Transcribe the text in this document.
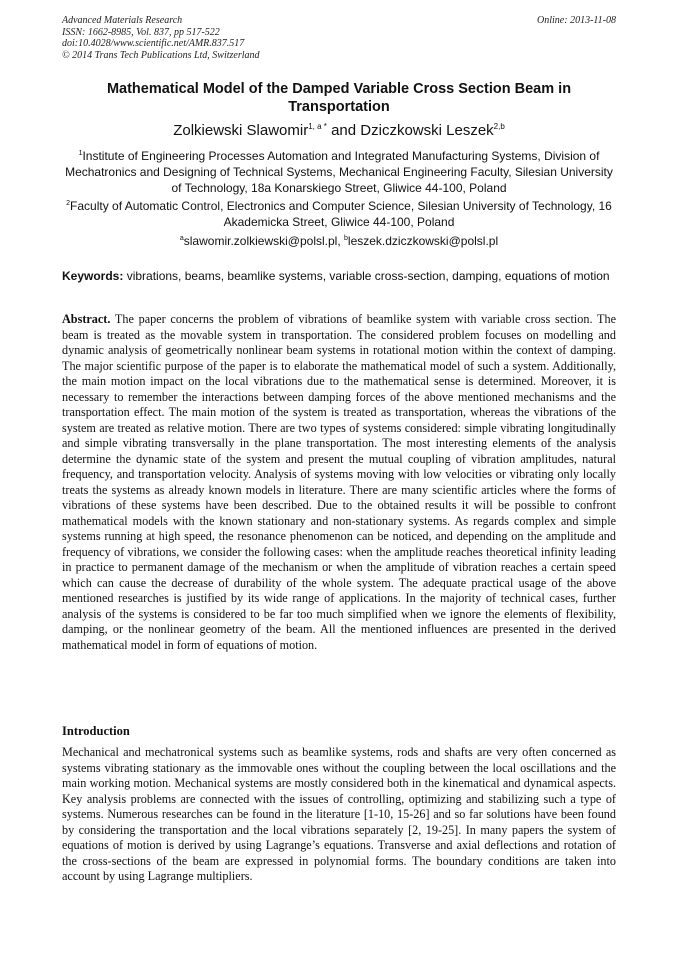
Advanced Materials Research
ISSN: 1662-8985, Vol. 837, pp 517-522
doi:10.4028/www.scientific.net/AMR.837.517
© 2014 Trans Tech Publications Ltd, Switzerland
Online: 2013-11-08
Mathematical Model of the Damped Variable Cross Section Beam in Transportation
Zolkiewski Slawomir$^{1, a *}$ and Dziczkowski Leszek$^{2,b}$
$^1$Institute of Engineering Processes Automation and Integrated Manufacturing Systems, Division of Mechatronics and Designing of Technical Systems, Mechanical Engineering Faculty, Silesian University of Technology, 18a Konarskiego Street, Gliwice 44-100, Poland
$^2$Faculty of Automatic Control, Electronics and Computer Science, Silesian University of Technology, 16 Akademicka Street, Gliwice 44-100, Poland
$^a$slawomir.zolkiewski@polsl.pl, $^b$leszek.dziczkowski@polsl.pl
Keywords: vibrations, beams, beamlike systems, variable cross-section, damping, equations of motion
Abstract. The paper concerns the problem of vibrations of beamlike system with variable cross section. The beam is treated as the movable system in transportation. The considered problem focuses on modelling and dynamic analysis of geometrically nonlinear beam systems in rotational motion within the context of damping. The major scientific purpose of the paper is to elaborate the mathematical model of such a system. Additionally, the main motion impact on the local vibrations due to the mathematical sense is determined. Moreover, it is necessary to remember the interactions between damping forces of the above mentioned mechanisms and the transportation effect. The main motion of the system is treated as transportation, whereas the vibrations of the system are treated as relative motion. There are two types of systems considered: simple vibrating longitudinally and simple vibrating transversally in the plane transportation. The most interesting elements of the analysis determine the dynamic state of the system and present the mutual coupling of vibration amplitudes, natural frequency, and transportation velocity. Analysis of systems moving with low velocities or vibrating only locally treats the systems as already known models in literature. There are many scientific articles where the forms of vibrations of these systems have been described. Due to the obtained results it will be possible to confront mathematical models with the known stationary and non-stationary systems. As regards complex and simple systems running at high speed, the resonance phenomenon can be noticed, and depending on the amplitude and frequency of vibrations, we consider the following cases: when the amplitude reaches theoretical infinity leading in practice to permanent damage of the mechanism or when the amplitude of vibration reaches a certain speed which can cause the decrease of durability of the whole system. The adequate practical usage of the above mentioned researches is justified by its wide range of applications. In the majority of technical cases, further analysis of the systems is considered to be far too much simplified when we ignore the elements of flexibility, damping, or the nonlinear geometry of the beam. All the mentioned influences are presented in the derived mathematical model in form of equations of motion.
Introduction
Mechanical and mechatronical systems such as beamlike systems, rods and shafts are very often concerned as systems vibrating stationary as the immovable ones without the coupling between the local oscillations and the main working motion. Mechanical systems are mostly considered both in the kinematical and dynamical aspects. Key analysis problems are connected with the issues of controlling, optimizing and stabilizing such a type of systems. Numerous researches can be found in the literature [1-10, 15-26] and so far solutions have been found by considering the transportation and the local vibrations separately [2, 19-25]. In many papers the system of equations of motion is derived by using Lagrange’s equations. Transverse and axial deflections and rotation of the cross-sections of the beam are expressed in polynomial forms. The boundary conditions are taken into account by using Lagrange multipliers.
